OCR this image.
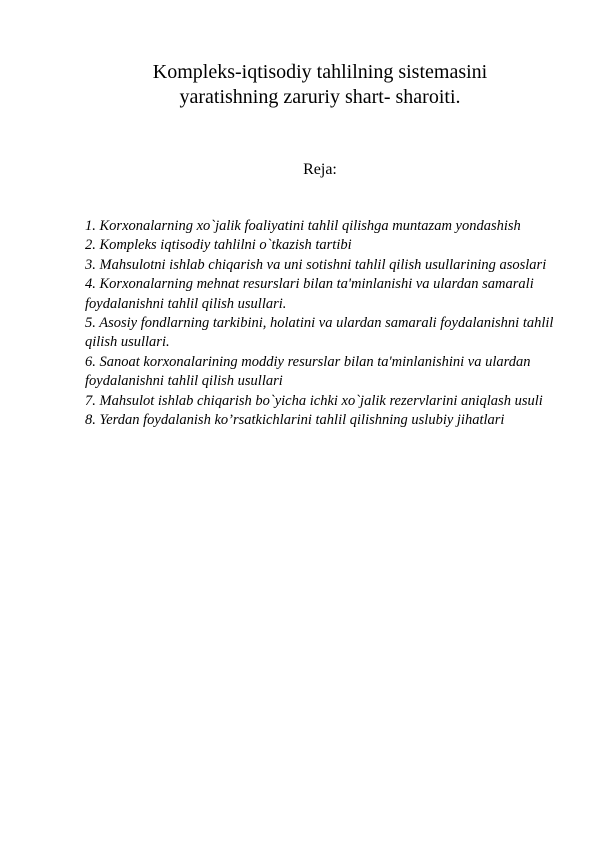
Kompleks-iqtisodiy tahlilning sistemasini
yaratishning zaruriy shart- sharoiti.
Reja:
1. Korxonalarning xo`jalik foaliyatini tahlil qilishga muntazam yondashish
2. Kompleks iqtisodiy tahlilni o`tkazish tartibi
3. Mahsulotni ishlab chiqarish va uni sotishni tahlil qilish usullarining asoslari
4. Korxonalarning mehnat resurslari bilan ta'minlanishi va ulardan samarali foydalanishni tahlil qilish usullari.
5. Asosiy fondlarning tarkibini, holatini va ulardan samarali foydalanishni tahlil qilish usullari.
6. Sanoat korxonalarining moddiy resurslar bilan ta'minlanishini va ulardan foydalanishni tahlil qilish usullari
7. Mahsulot ishlab chiqarish bo`yicha ichki xo`jalik rezervlarini aniqlash usuli
8. Yerdan foydalanish ko’rsatkichlarini tahlil qilishning uslubiy jihatlari
